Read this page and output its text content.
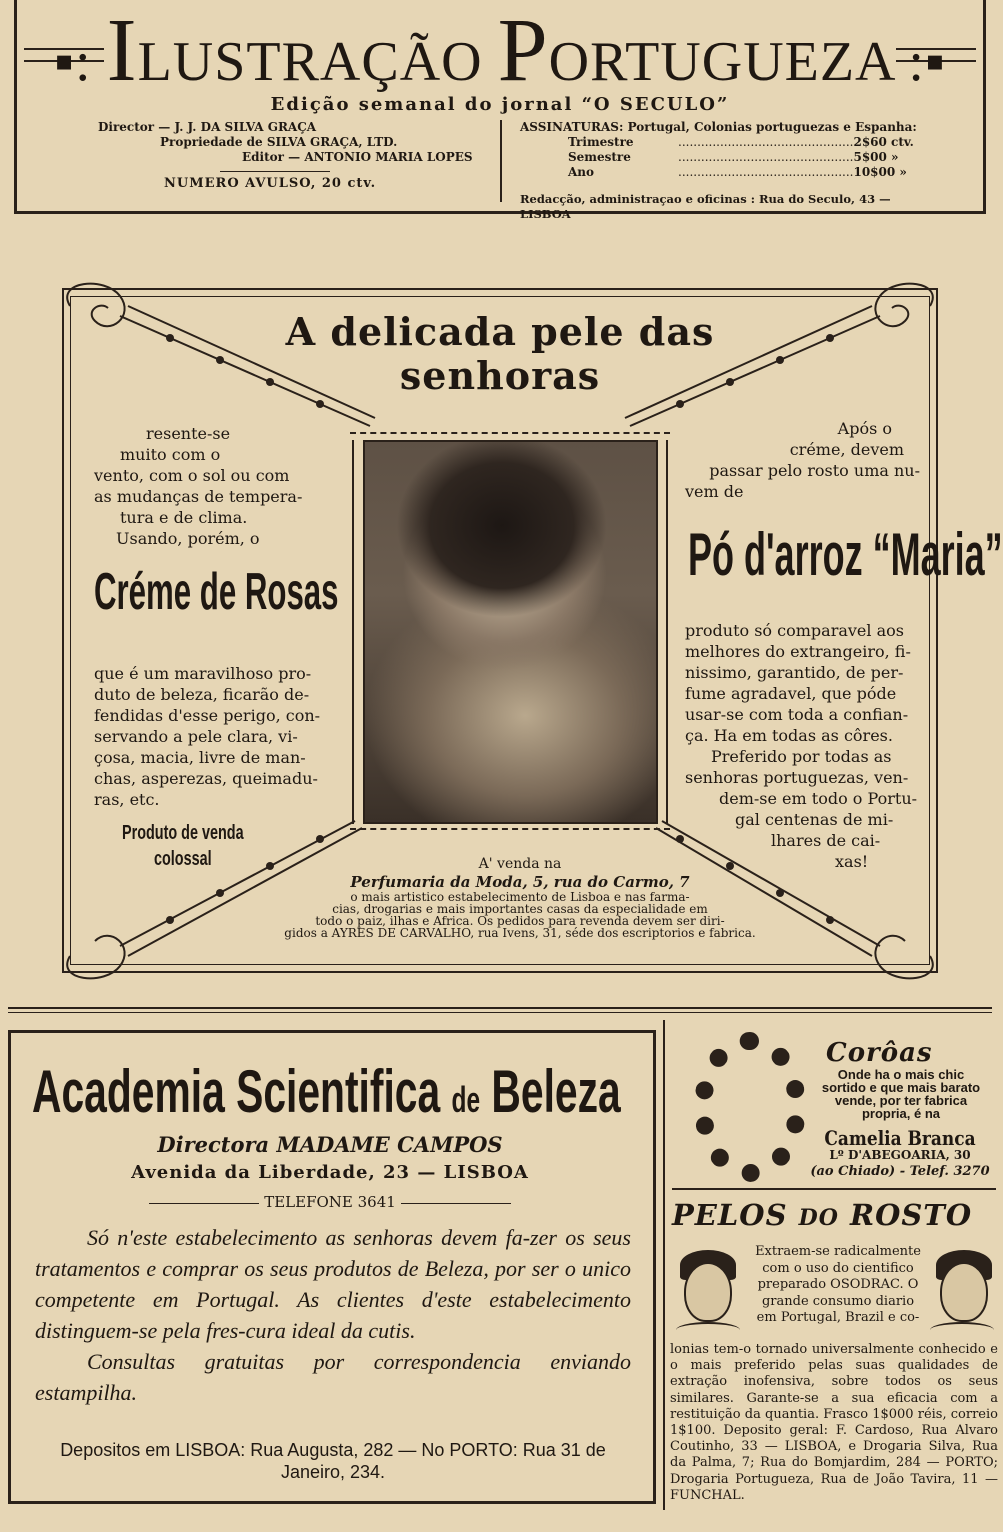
▪: ILUSTRAÇÃO PORTUGUEZA :▪
Edição semanal do jornal “O SECULO”
Director — J. J. DA SILVA GRAÇA
Propriedade de SILVA GRAÇA, LTD.
Editor — ANTONIO MARIA LOPES
NUMERO AVULSO, 20 ctv.
ASSINATURAS: Portugal, Colonias portuguezas e Espanha:
Trimestre	.............................................. 2$60 ctv.
Semestre	.............................................. 5$00 »
Ano	.............................................. 10$00 »
Redacção, administraçao e oficinas : Rua do Seculo, 43 — LISBOA
A delicada pele das
senhoras
resente-se
muito com o
vento, com o sol ou com
as mudanças de tempera-
tura e de clima.
Usando, porém, o
Créme de Rosas
que é um maravilhoso pro-
duto de beleza, ficarão de-
fendidas d'esse perigo, con-
servando a pele clara, vi-
çosa, macia, livre de man-
chas, asperezas, queimadu-
ras, etc.
Produto de venda
colossal
Após o
créme, devem
passar pelo rosto uma nu-
vem de
Pó d'arroz “Maria”
produto só comparavel aos
melhores do extrangeiro, fi-
nissimo, garantido, de per-
fume agradavel, que póde
usar-se com toda a confian-
ça. Ha em todas as côres.
Preferido por todas as
senhoras portuguezas, ven-
dem-se em todo o Portu-
gal centenas de mi-
lhares de cai-
xas!
A' venda na
Perfumaria da Moda, 5, rua do Carmo, 7
o mais artistico estabelecimento de Lisboa e nas farma-
cias, drogarias e mais importantes casas da especialidade em
todo o paiz, ilhas e Africa. Os pedidos para revenda devem ser diri-
gidos a AYRES DE CARVALHO, rua Ivens, 31, séde dos escriptorios e fabrica.
Academia Scientifica de Beleza
Directora MADAME CAMPOS
Avenida da Liberdade, 23 — LISBOA
TELEFONE 3641
Só n'este estabelecimento as senhoras devem fa-zer os seus tratamentos e comprar os seus produtos de Beleza, por ser o unico competente em Portugal. As clientes d'este estabelecimento distinguem-se pela fres-cura ideal da cutis.
Consultas gratuitas por correspondencia enviando estampilha.
Depositos em LISBOA: Rua Augusta, 282 — No PORTO: Rua 31 de Janeiro, 234.
Corôas
Onde ha o mais chic sortido e que mais barato vende, por ter fabrica propria, é na
Camelia Branca
Lº D'ABEGOARIA, 30
(ao Chiado) - Telef. 3270
PELOS DO ROSTO
Extraem-se radicalmente com o uso do cientifico preparado OSODRAC. O grande consumo diario em Portugal, Brazil e co-
lonias tem-o tornado universalmente conhecido e o mais preferido pelas suas qualidades de extração inofensiva, sobre todos os seus similares. Garante-se a sua eficacia com a restituição da quantia. Frasco 1$000 réis, correio 1$100. Deposito geral: F. Cardoso, Rua Alvaro Coutinho, 33 — LISBOA, e Drogaria Silva, Rua da Palma, 7; Rua do Bomjardim, 284 — PORTO; Drogaria Portugueza, Rua de João Tavira, 11 — FUNCHAL.
